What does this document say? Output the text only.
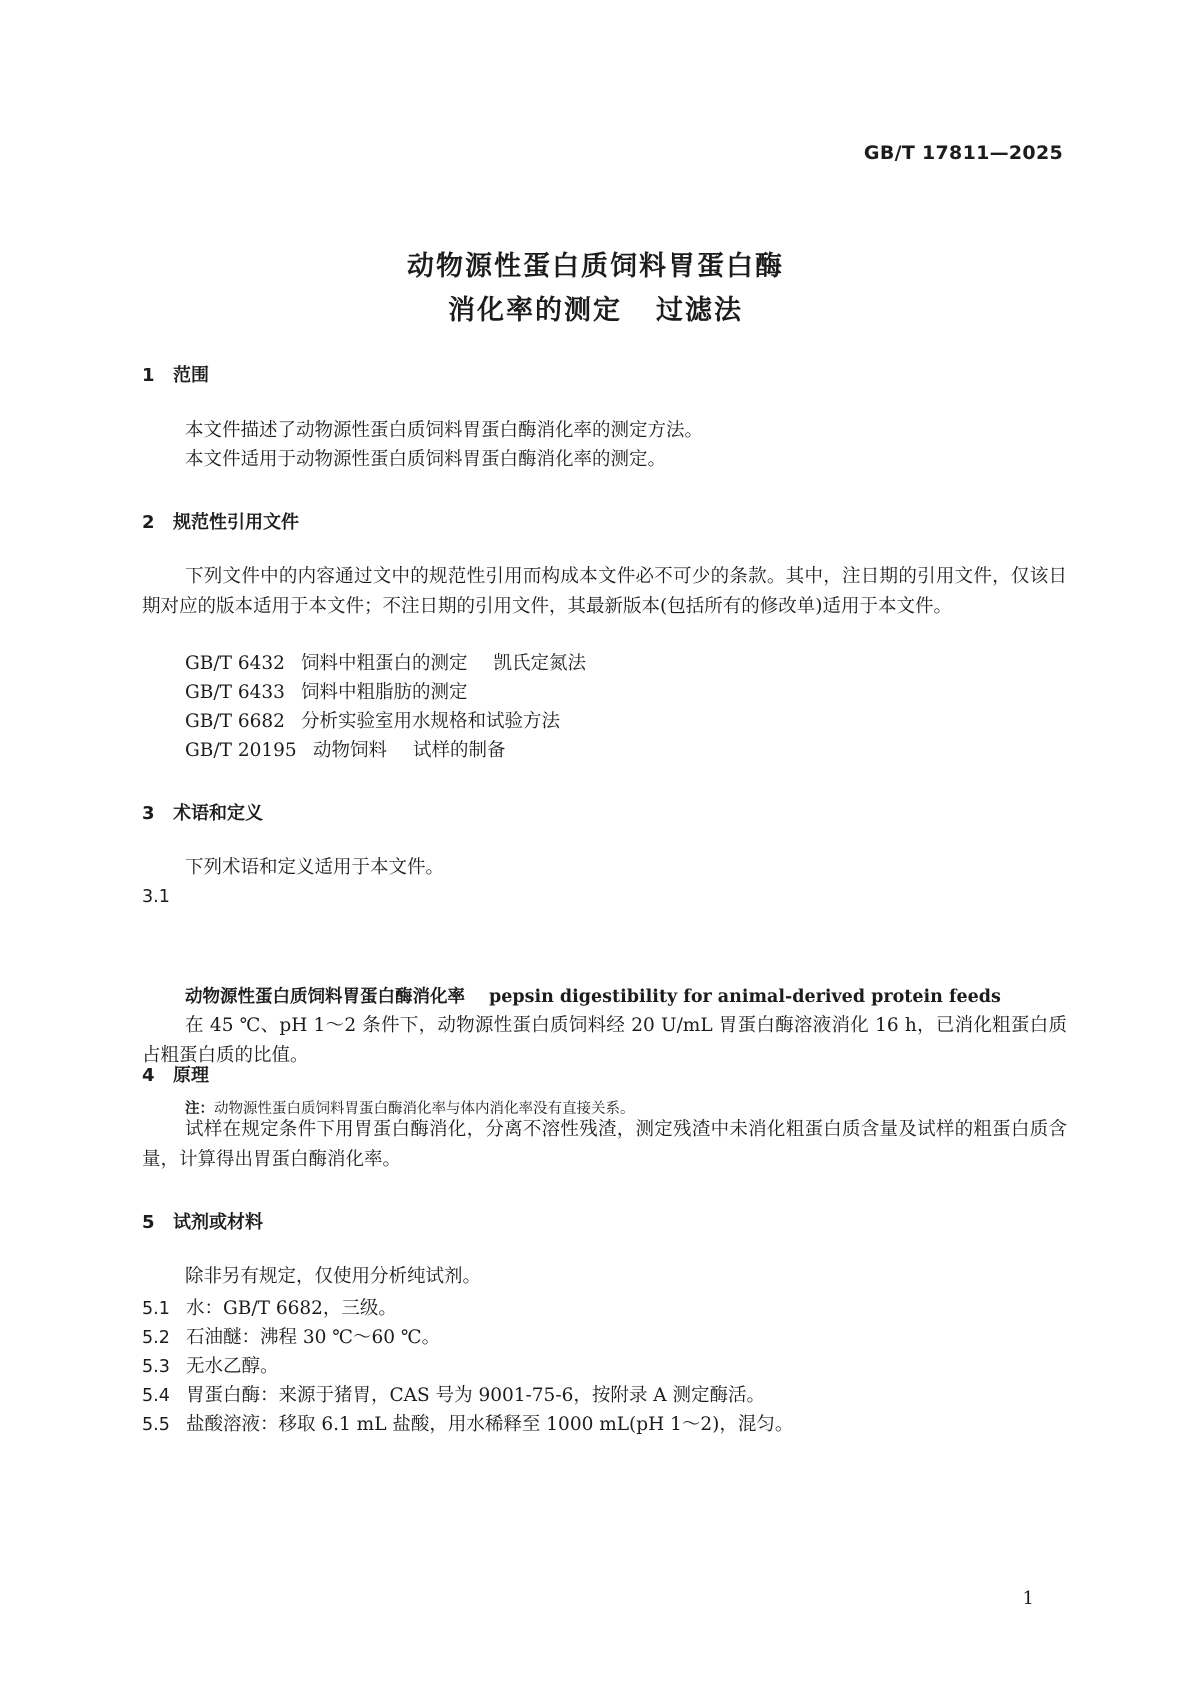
GB/T 17811—2025
动物源性蛋白质饲料胃蛋白酶
消化率的测定 过滤法
1 范围
本文件描述了动物源性蛋白质饲料胃蛋白酶消化率的测定方法。
本文件适用于动物源性蛋白质饲料胃蛋白酶消化率的测定。
2 规范性引用文件
下列文件中的内容通过文中的规范性引用而构成本文件必不可少的条款。其中，注日期的引用文件，仅该日期对应的版本适用于本文件；不注日期的引用文件，其最新版本(包括所有的修改单)适用于本文件。
GB/T 6432 饲料中粗蛋白的测定 凯氏定氮法
GB/T 6433 饲料中粗脂肪的测定
GB/T 6682 分析实验室用水规格和试验方法
GB/T 20195 动物饲料 试样的制备
3 术语和定义
下列术语和定义适用于本文件。
3.1
动物源性蛋白质饲料胃蛋白酶消化率 pepsin digestibility for animal-derived protein feeds
在 45 ℃、pH 1～2 条件下，动物源性蛋白质饲料经 20 U/mL 胃蛋白酶溶液消化 16 h，已消化粗蛋白质占粗蛋白质的比值。
注：动物源性蛋白质饲料胃蛋白酶消化率与体内消化率没有直接关系。
4 原理
试样在规定条件下用胃蛋白酶消化，分离不溶性残渣，测定残渣中未消化粗蛋白质含量及试样的粗蛋白质含量，计算得出胃蛋白酶消化率。
5 试剂或材料
除非另有规定，仅使用分析纯试剂。
5.1 水：GB/T 6682，三级。
5.2 石油醚：沸程 30 ℃～60 ℃。
5.3 无水乙醇。
5.4 胃蛋白酶：来源于猪胃，CAS 号为 9001-75-6，按附录 A 测定酶活。
5.5 盐酸溶液：移取 6.1 mL 盐酸，用水稀释至 1000 mL(pH 1～2)，混匀。
1
